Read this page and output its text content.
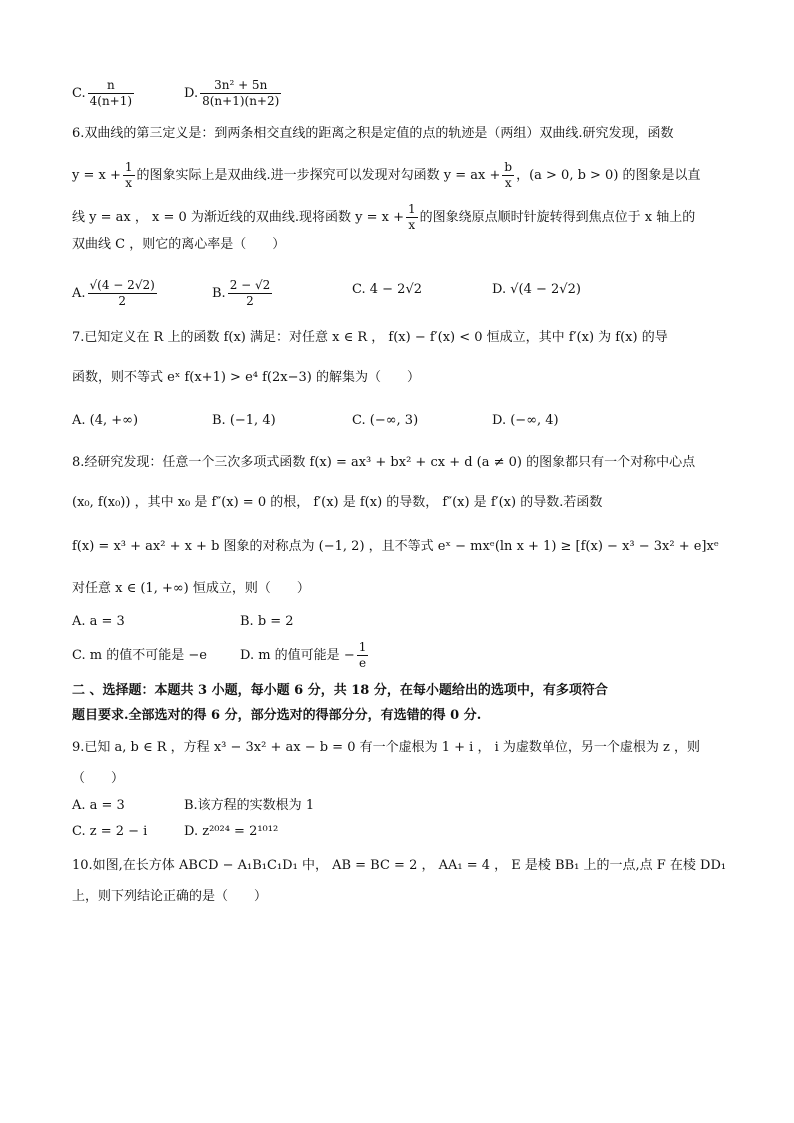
C. $\frac{n}{4(n+1)}$	D. $\frac{\text{3n² + 5n}}{8(n+1)(n+2)}$
6.双曲线的第三定义是：到两条相交直线的距离之积是定值的点的轨迹是（两组）双曲线.研究发现，函数
$y = x + \frac{1}{x}$ 的图象实际上是双曲线.进一步探究可以发现对勾函数 y = ax + $\frac{b}{x}$ ，(a > 0, b > 0) 的图象是以直
线 y = ax ， x = 0 为渐近线的双曲线.现将函数 $y = x + \frac{1}{x}$ 的图象绕原点顺时针旋转得到焦点位于 x 轴上的
双曲线 C ，则它的离心率是（　　）
A. $\frac{√(4 - 2√2)}{2}$	B. $\frac{2 - √2}{2}$	C. 4 − 2√2	D. √(4 − 2√2)
7.已知定义在 R 上的函数 f(x) 满足：对任意 x ∈ R ， f(x) − f′(x) < 0 恒成立，其中 f′(x) 为 f(x) 的导
函数，则不等式 eˣ f(x+1) > e⁴ f(2x−3) 的解集为（　　）
A. (4, +∞)	B. (−1, 4)	C. (−∞, 3)	D. (−∞, 4)
8.经研究发现：任意一个三次多项式函数 f(x) = ax³ + bx² + cx + d (a ≠ 0) 的图象都只有一个对称中心点
(x₀, f(x₀)) ，其中 x₀ 是 f″(x) = 0 的根， f′(x) 是 f(x) 的导数， f″(x) 是 f′(x) 的导数.若函数
f(x) = x³ + ax² + x + b 图象的对称点为 (−1, 2) ，且不等式 eˣ − mxᵉ(ln x + 1) ≥ [f(x) − x³ − 3x² + e]xᵉ
对任意 x ∈ (1, +∞) 恒成立，则（　　）
A. a = 3	B. b = 2
C. m 的值不可能是 −e	D. m 的值可能是 − $\frac{1}{e}$
二 、选择题：本题共 3 小题，每小题 6 分，共 18 分，在每小题给出的选项中，有多项符合
题目要求.全部选对的得 6 分，部分选对的得部分分，有选错的得 0 分.
9.已知 a, b ∈ R ，方程 x³ − 3x² + ax − b = 0 有一个虚根为 1 + i ， i 为虚数单位，另一个虚根为 z ，则
（　　）
A. a = 3	B.该方程的实数根为 1
C. z = 2 − i	D. z²⁰²⁴ = 2¹⁰¹²
10.如图,在长方体 ABCD − A₁B₁C₁D₁ 中， AB = BC = 2 ， AA₁ = 4 ， E 是棱 BB₁ 上的一点,点 F 在棱 DD₁
上，则下列结论正确的是（　　）
